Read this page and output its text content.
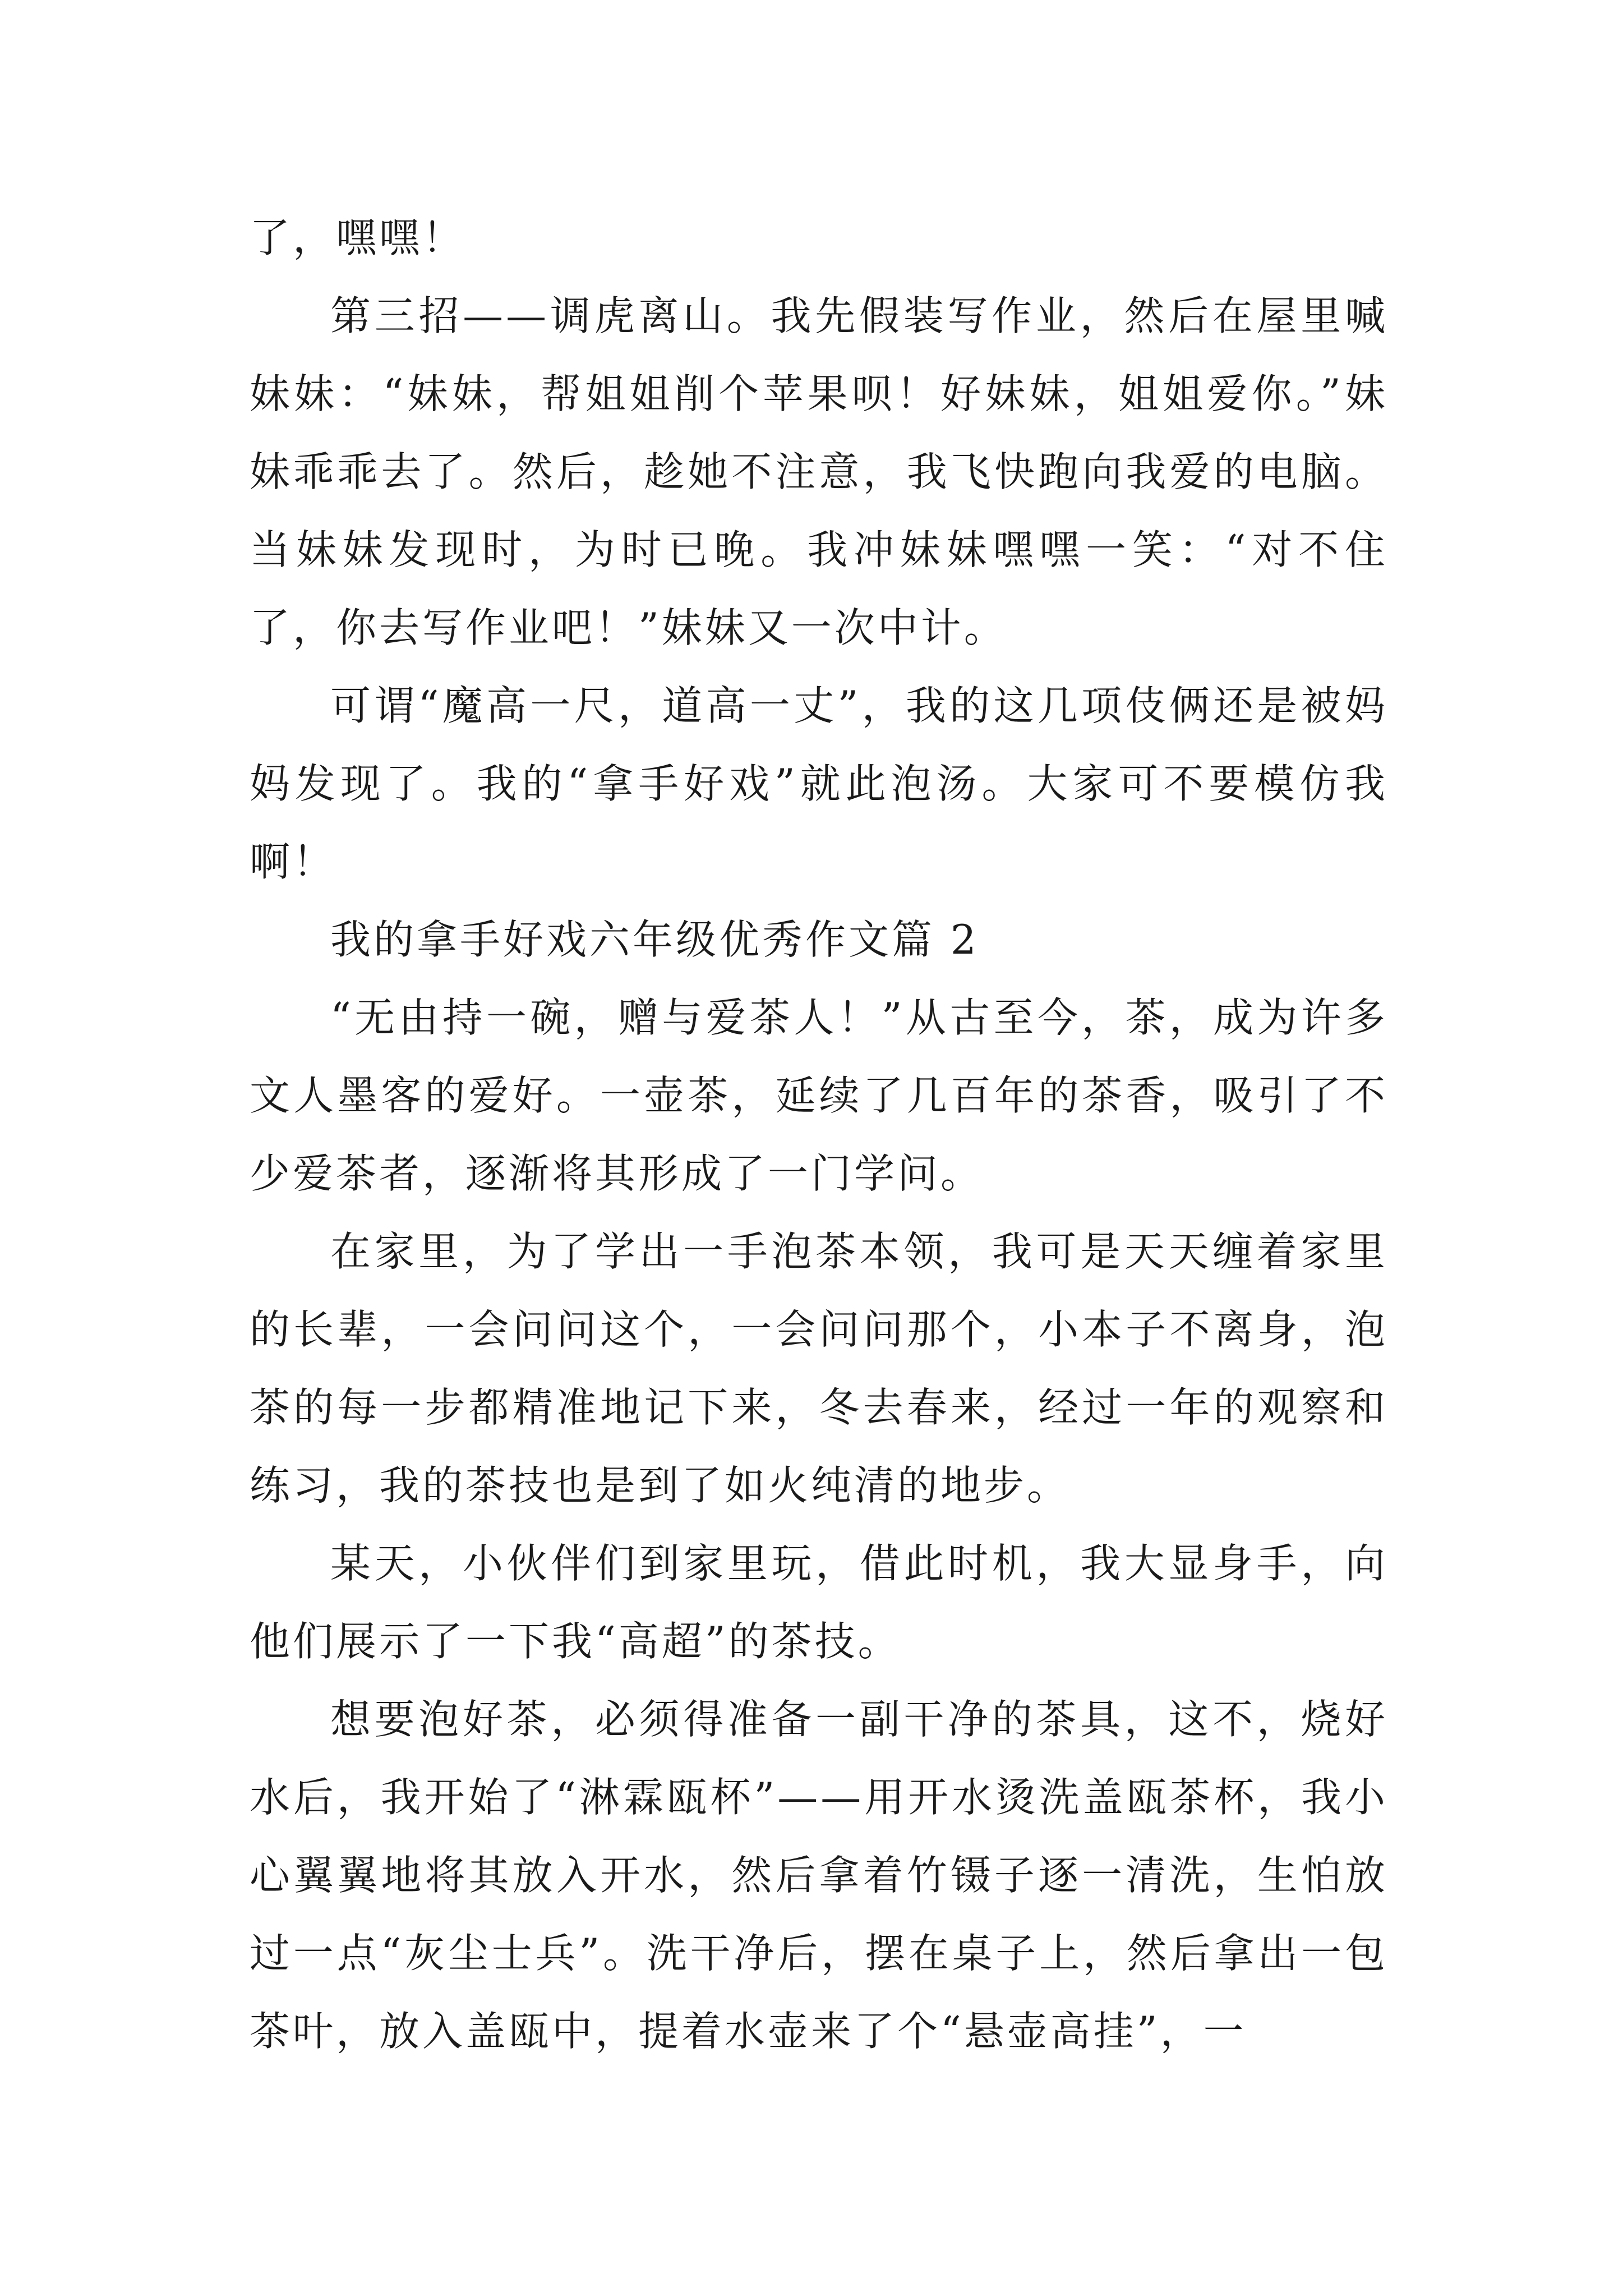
了，嘿嘿！

第三招——调虎离山。我先假装写作业，然后在屋里喊妹妹：“妹妹，帮姐姐削个苹果呗！好妹妹，姐姐爱你。”妹妹乖乖去了。然后，趁她不注意，我飞快跑向我爱的电脑。当妹妹发现时，为时已晚。我冲妹妹嘿嘿一笑：“对不住了，你去写作业吧！”妹妹又一次中计。

可谓“魔高一尺，道高一丈”，我的这几项伎俩还是被妈妈发现了。我的“拿手好戏”就此泡汤。大家可不要模仿我啊！

我的拿手好戏六年级优秀作文篇 2

“无由持一碗，赠与爱茶人！”从古至今，茶，成为许多文人墨客的爱好。一壶茶，延续了几百年的茶香，吸引了不少爱茶者，逐渐将其形成了一门学问。

在家里，为了学出一手泡茶本领，我可是天天缠着家里的长辈，一会问问这个，一会问问那个，小本子不离身，泡茶的每一步都精准地记下来，冬去春来，经过一年的观察和练习，我的茶技也是到了如火纯清的地步。

某天，小伙伴们到家里玩，借此时机，我大显身手，向他们展示了一下我“高超”的茶技。

想要泡好茶，必须得准备一副干净的茶具，这不，烧好水后，我开始了“淋霖瓯杯”——用开水烫洗盖瓯茶杯，我小心翼翼地将其放入开水，然后拿着竹镊子逐一清洗，生怕放过一点“灰尘士兵”。洗干净后，摆在桌子上，然后拿出一包茶叶，放入盖瓯中，提着水壶来了个“悬壶高挂”，一
